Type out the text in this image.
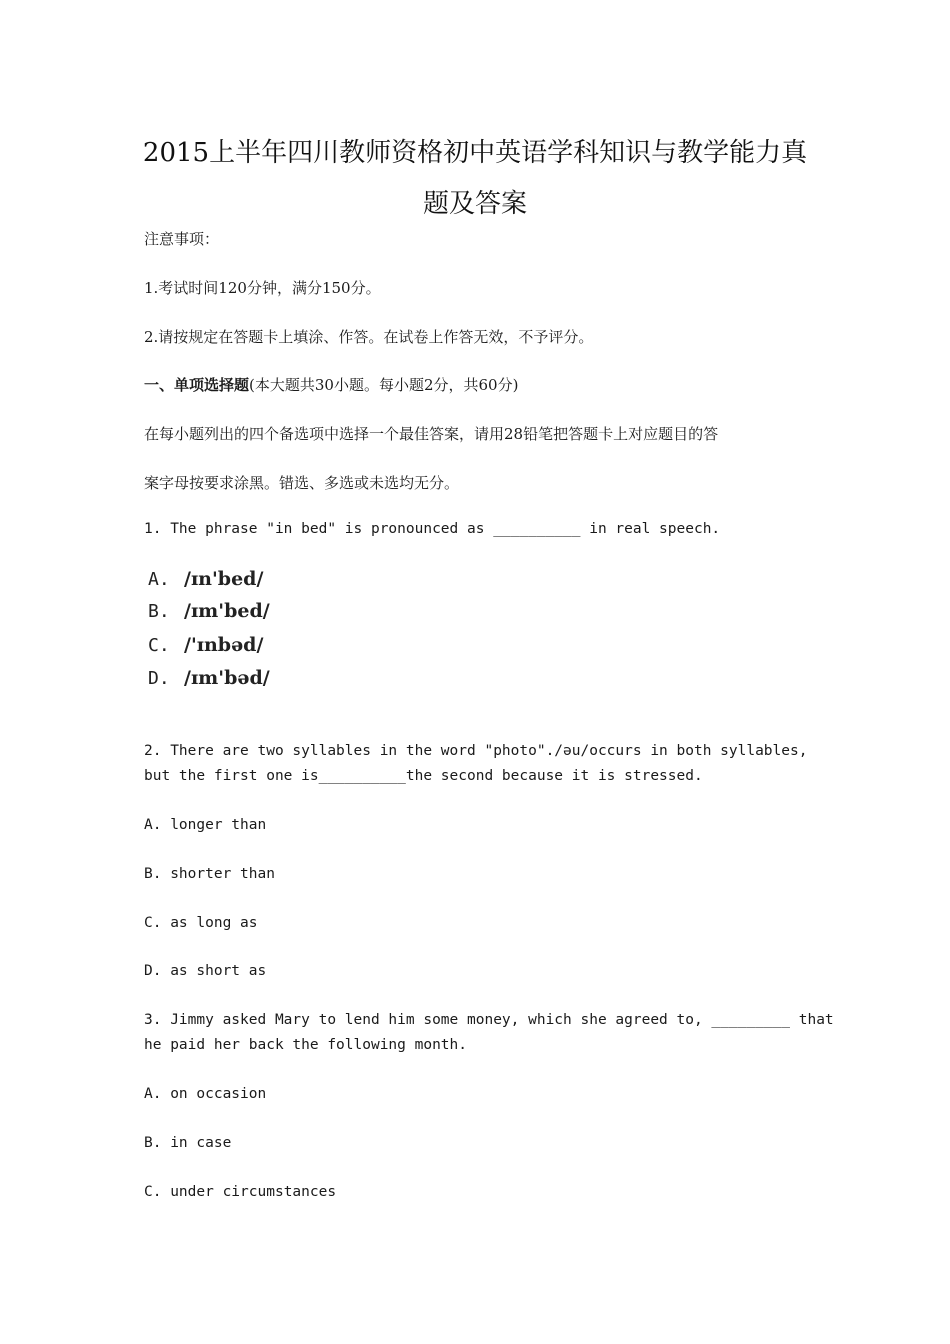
2015上半年四川教师资格初中英语学科知识与教学能力真
题及答案
注意事项：
1.考试时间120分钟，满分150分。
2.请按规定在答题卡上填涂、作答。在试卷上作答无效，不予评分。
一、单项选择题(本大题共30小题。每小题2分，共60分)
在每小题列出的四个备选项中选择一个最佳答案，请用28铅笔把答题卡上对应题目的答
案字母按要求涂黑。错选、多选或未选均无分。
1. The phrase "in bed" is pronounced as __________ in real speech.
A. /ɪn'bed/
B. /ɪm'bed/
C. /'ɪnbəd/
D. /ɪm'bəd/
2. There are two syllables in the word "photo"./əu/occurs in both syllables,
but the first one is__________the second because it is stressed.
A. longer than
B. shorter than
C. as long as
D. as short as
3. Jimmy asked Mary to lend him some money, which she agreed to, _________ that
he paid her back the following month.
A. on occasion
B. in case
C. under circumstances
